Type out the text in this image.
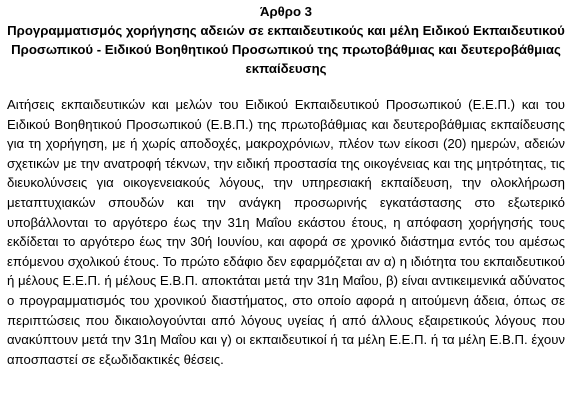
Άρθρο 3

Προγραμματισμός χορήγησης αδειών σε εκπαιδευτικούς και μέλη Ειδικού Εκπαιδευτικού Προσωπικού - Ειδικού Βοηθητικού Προσωπικού της πρωτοβάθμιας και δευτεροβάθμιας εκπαίδευσης

Αιτήσεις εκπαιδευτικών και μελών του Ειδικού Εκπαιδευτικού Προσωπικού (Ε.Ε.Π.) και του Ειδικού Βοηθητικού Προσωπικού (Ε.Β.Π.) της πρωτοβάθμιας και δευτεροβάθμιας εκπαίδευσης για τη χορήγηση, με ή χωρίς αποδοχές, μακροχρόνιων, πλέον των είκοσι (20) ημερών, αδειών σχετικών με την ανατροφή τέκνων, την ειδική προστασία της οικογένειας και της μητρότητας, τις διευκολύνσεις για οικογενειακούς λόγους, την υπηρεσιακή εκπαίδευση, την ολοκλήρωση μεταπτυχιακών σπουδών και την ανάγκη προσωρινής εγκατάστασης στο εξωτερικό υποβάλλονται το αργότερο έως την 31η Μαΐου εκάστου έτους, η απόφαση χορήγησής τους εκδίδεται το αργότερο έως την 30ή Ιουνίου, και αφορά σε χρονικό διάστημα εντός του αμέσως επόμενου σχολικού έτους. Το πρώτο εδάφιο δεν εφαρμόζεται αν α) η ιδιότητα του εκπαιδευτικού ή μέλους Ε.Ε.Π. ή μέλους Ε.Β.Π. αποκτάται μετά την 31η Μαΐου, β) είναι αντικειμενικά αδύνατος ο προγραμματισμός του χρονικού διαστήματος, στο οποίο αφορά η αιτούμενη άδεια, όπως σε περιπτώσεις που δικαιολογούνται από λόγους υγείας ή από άλλους εξαιρετικούς λόγους που ανακύπτουν μετά την 31η Μαΐου και γ) οι εκπαιδευτικοί ή τα μέλη Ε.Ε.Π. ή τα μέλη Ε.Β.Π. έχουν αποσπαστεί σε εξωδιδακτικές θέσεις.
